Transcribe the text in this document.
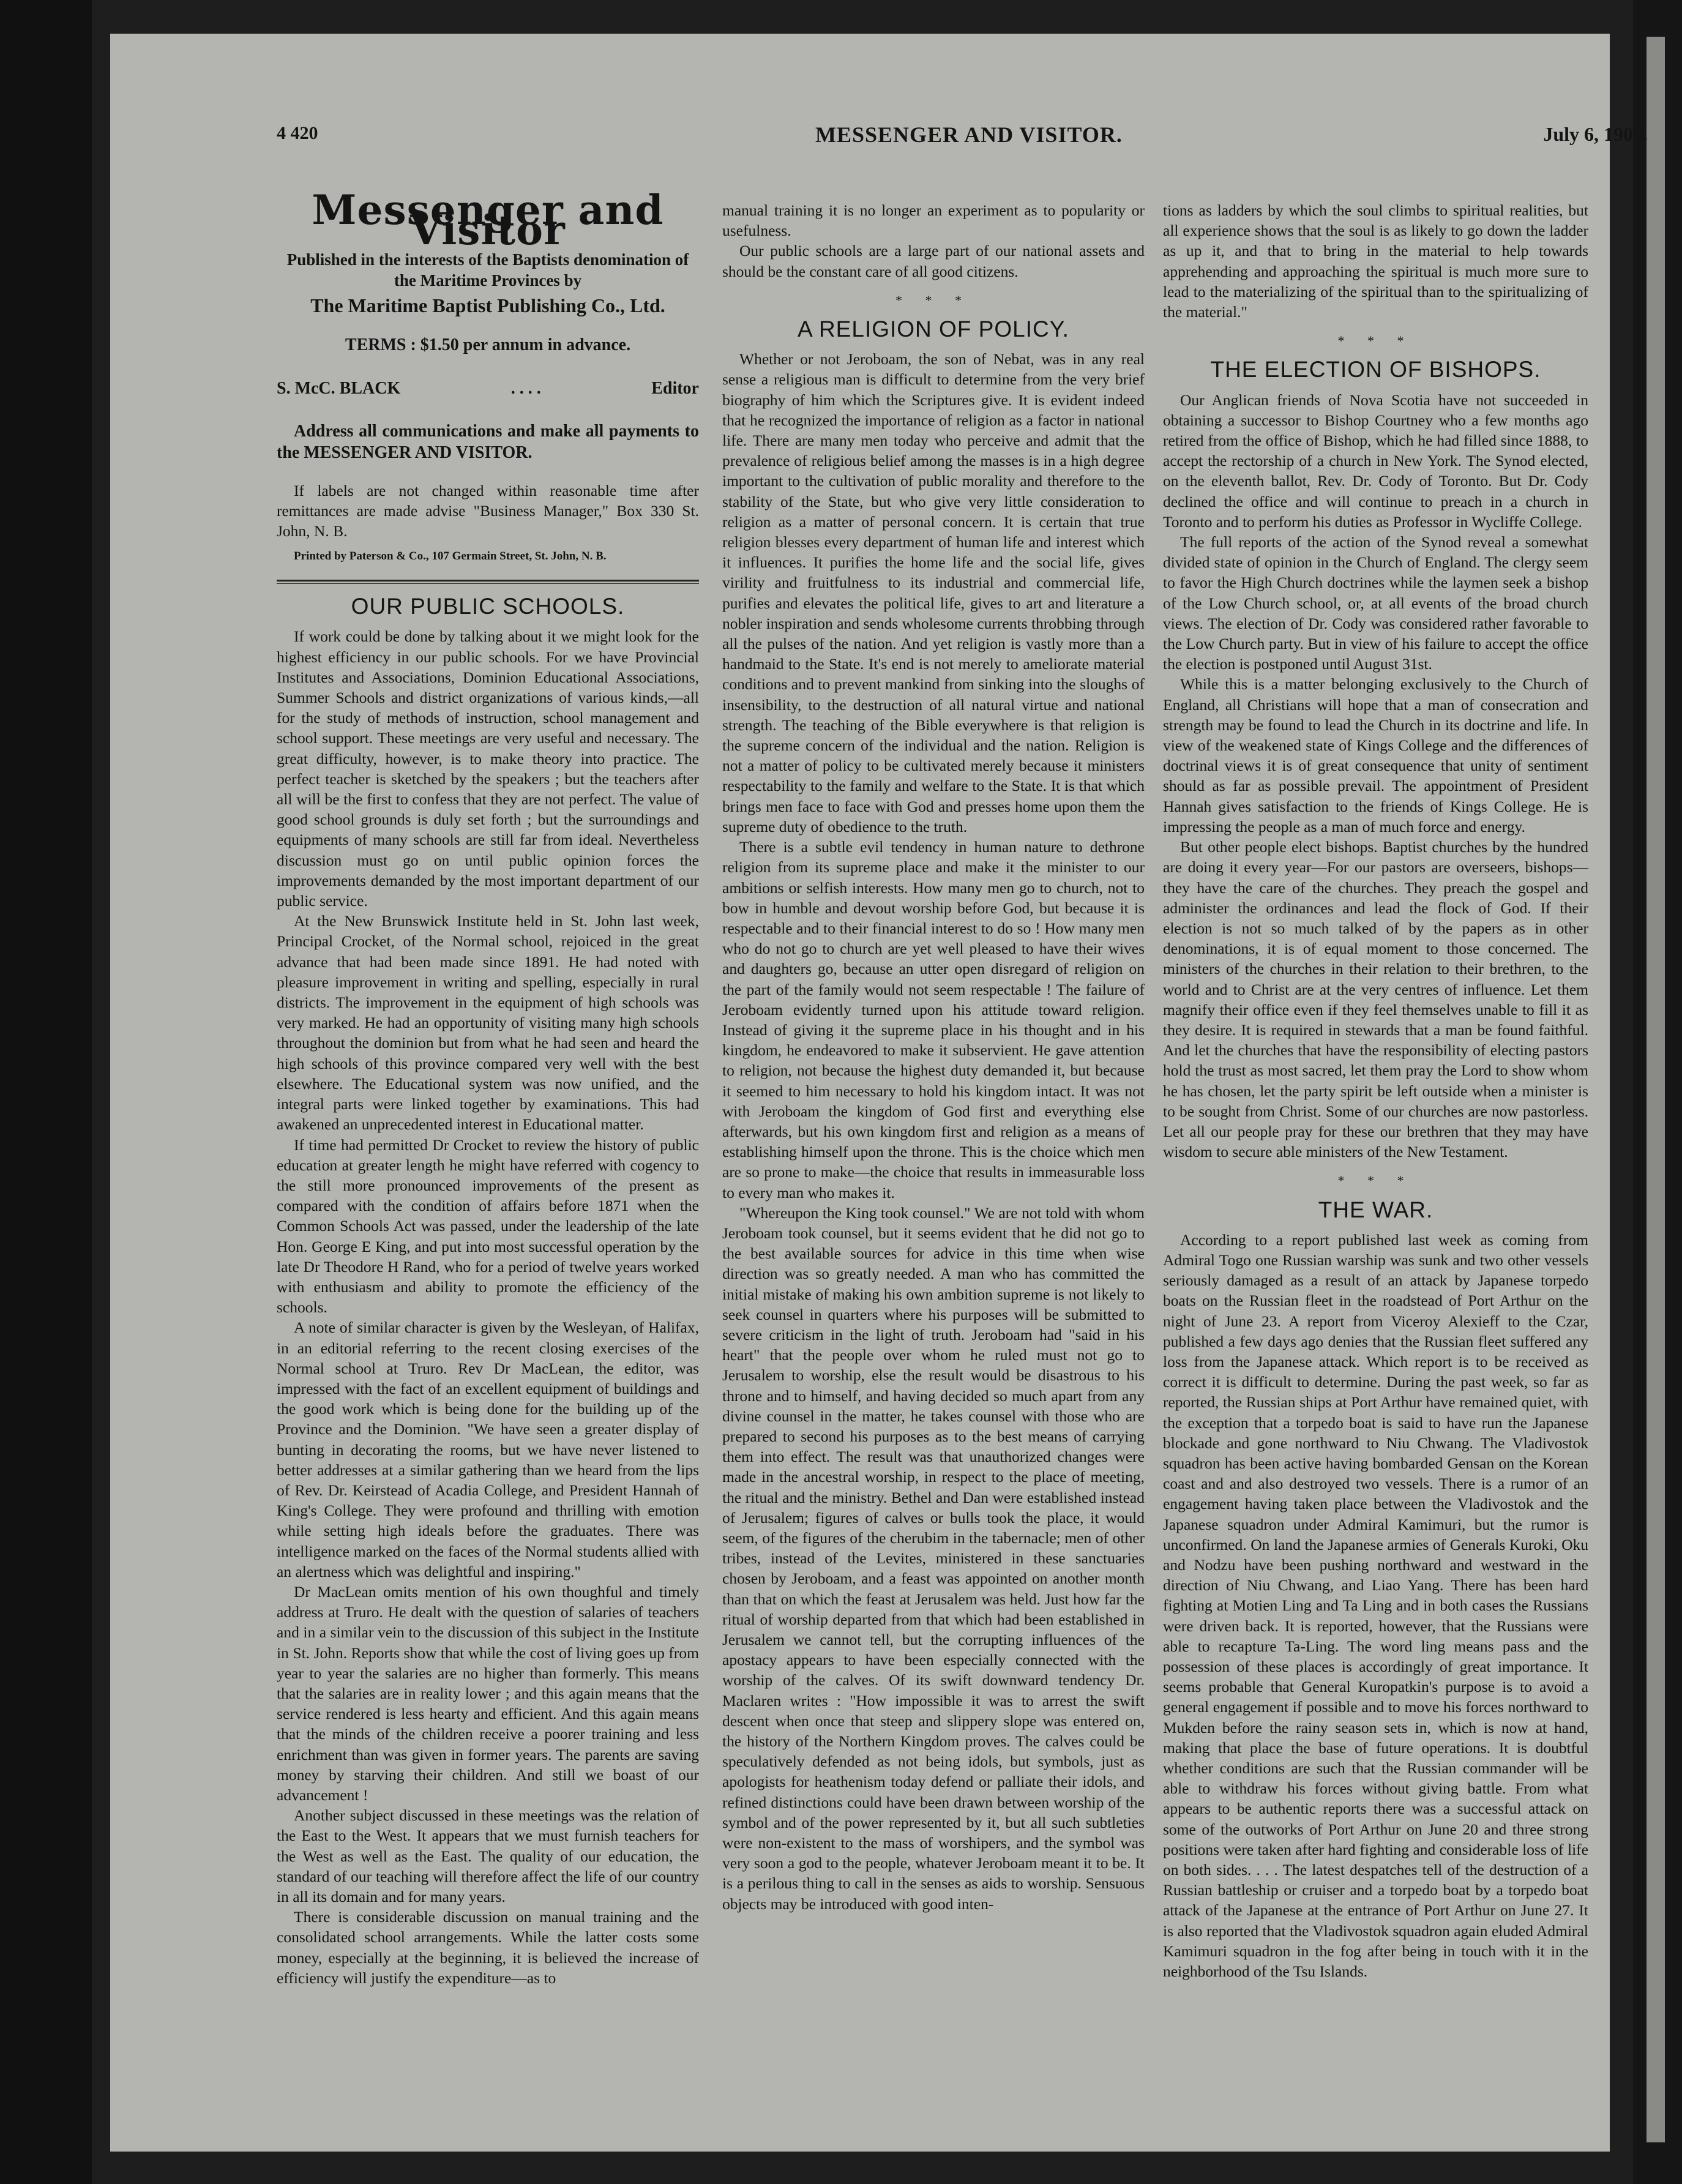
4 420	MESSENGER AND VISITOR.	July 6, 1904.
Messenger and Visitor
Published in the interests of the Baptists denomination of the Maritime Provinces by
The Maritime Baptist Publishing Co., Ltd.
TERMS : $1.50 per annum in advance.
S. McC. BLACK	. . . .	Editor
Address all communications and make all payments to the MESSENGER AND VISITOR.
If labels are not changed within reasonable time after remittances are made advise "Business Manager," Box 330 St. John, N. B.
Printed by Paterson & Co., 107 Germain Street, St. John, N. B.
OUR PUBLIC SCHOOLS.

If work could be done by talking about it we might look for the highest efficiency in our public schools. For we have Provincial Institutes and Associations, Dominion Educational Associations, Summer Schools and district organizations of various kinds,—all for the study of methods of instruction, school management and school support. These meetings are very useful and necessary. The great difficulty, however, is to make theory into practice. The perfect teacher is sketched by the speakers ; but the teachers after all will be the first to confess that they are not perfect. The value of good school grounds is duly set forth ; but the surroundings and equipments of many schools are still far from ideal. Nevertheless discussion must go on until public opinion forces the improvements demanded by the most important department of our public service.

At the New Brunswick Institute held in St. John last week, Principal Crocket, of the Normal school, rejoiced in the great advance that had been made since 1891. He had noted with pleasure improvement in writing and spelling, especially in rural districts. The improvement in the equipment of high schools was very marked. He had an opportunity of visiting many high schools throughout the dominion but from what he had seen and heard the high schools of this province compared very well with the best elsewhere. The Educational system was now unified, and the integral parts were linked together by examinations. This had awakened an unprecedented interest in Educational matter.

If time had permitted Dr Crocket to review the history of public education at greater length he might have referred with cogency to the still more pronounced improvements of the present as compared with the condition of affairs before 1871 when the Common Schools Act was passed, under the leadership of the late Hon. George E King, and put into most successful operation by the late Dr Theodore H Rand, who for a period of twelve years worked with enthusiasm and ability to promote the efficiency of the schools.

A note of similar character is given by the Wesleyan, of Halifax, in an editorial referring to the recent closing exercises of the Normal school at Truro. Rev Dr MacLean, the editor, was impressed with the fact of an excellent equipment of buildings and the good work which is being done for the building up of the Province and the Dominion. "We have seen a greater display of bunting in decorating the rooms, but we have never listened to better addresses at a similar gathering than we heard from the lips of Rev. Dr. Keirstead of Acadia College, and President Hannah of King's College. They were profound and thrilling with emotion while setting high ideals before the graduates. There was intelligence marked on the faces of the Normal students allied with an alertness which was delightful and inspiring."

Dr MacLean omits mention of his own thoughful and timely address at Truro. He dealt with the question of salaries of teachers and in a similar vein to the discussion of this subject in the Institute in St. John. Reports show that while the cost of living goes up from year to year the salaries are no higher than formerly. This means that the salaries are in reality lower ; and this again means that the service rendered is less hearty and efficient. And this again means that the minds of the children receive a poorer training and less enrichment than was given in former years. The parents are saving money by starving their children. And still we boast of our advancement !

Another subject discussed in these meetings was the relation of the East to the West. It appears that we must furnish teachers for the West as well as the East. The quality of our education, the standard of our teaching will therefore affect the life of our country in all its domain and for many years.

There is considerable discussion on manual training and the consolidated school arrangements. While the latter costs some money, especially at the beginning, it is believed the increase of efficiency will justify the expenditure—as to

manual training it is no longer an experiment as to popularity or usefulness.

Our public schools are a large part of our national assets and should be the constant care of all good citizens.

* * *
A RELIGION OF POLICY.

Whether or not Jeroboam, the son of Nebat, was in any real sense a religious man is difficult to determine from the very brief biography of him which the Scriptures give. It is evident indeed that he recognized the importance of religion as a factor in national life. There are many men today who perceive and admit that the prevalence of religious belief among the masses is in a high degree important to the cultivation of public morality and therefore to the stability of the State, but who give very little consideration to religion as a matter of personal concern. It is certain that true religion blesses every department of human life and interest which it influences. It purifies the home life and the social life, gives virility and fruitfulness to its industrial and commercial life, purifies and elevates the political life, gives to art and literature a nobler inspiration and sends wholesome currents throbbing through all the pulses of the nation. And yet religion is vastly more than a handmaid to the State. It's end is not merely to ameliorate material conditions and to prevent mankind from sinking into the sloughs of insensibility, to the destruction of all natural virtue and national strength. The teaching of the Bible everywhere is that religion is the supreme concern of the individual and the nation. Religion is not a matter of policy to be cultivated merely because it ministers respectability to the family and welfare to the State. It is that which brings men face to face with God and presses home upon them the supreme duty of obedience to the truth.

There is a subtle evil tendency in human nature to dethrone religion from its supreme place and make it the minister to our ambitions or selfish interests. How many men go to church, not to bow in humble and devout worship before God, but because it is respectable and to their financial interest to do so ! How many men who do not go to church are yet well pleased to have their wives and daughters go, because an utter open disregard of religion on the part of the family would not seem respectable ! The failure of Jeroboam evidently turned upon his attitude toward religion. Instead of giving it the supreme place in his thought and in his kingdom, he endeavored to make it subservient. He gave attention to religion, not because the highest duty demanded it, but because it seemed to him necessary to hold his kingdom intact. It was not with Jeroboam the kingdom of God first and everything else afterwards, but his own kingdom first and religion as a means of establishing himself upon the throne. This is the choice which men are so prone to make—the choice that results in immeasurable loss to every man who makes it.

"Whereupon the King took counsel." We are not told with whom Jeroboam took counsel, but it seems evident that he did not go to the best available sources for advice in this time when wise direction was so greatly needed. A man who has committed the initial mistake of making his own ambition supreme is not likely to seek counsel in quarters where his purposes will be submitted to severe criticism in the light of truth. Jeroboam had "said in his heart" that the people over whom he ruled must not go to Jerusalem to worship, else the result would be disastrous to his throne and to himself, and having decided so much apart from any divine counsel in the matter, he takes counsel with those who are prepared to second his purposes as to the best means of carrying them into effect. The result was that unauthorized changes were made in the ancestral worship, in respect to the place of meeting, the ritual and the ministry. Bethel and Dan were established instead of Jerusalem; figures of calves or bulls took the place, it would seem, of the figures of the cherubim in the tabernacle; men of other tribes, instead of the Levites, ministered in these sanctuaries chosen by Jeroboam, and a feast was appointed on another month than that on which the feast at Jerusalem was held. Just how far the ritual of worship departed from that which had been established in Jerusalem we cannot tell, but the corrupting influences of the apostacy appears to have been especially connected with the worship of the calves. Of its swift downward tendency Dr. Maclaren writes : "How impossible it was to arrest the swift descent when once that steep and slippery slope was entered on, the history of the Northern Kingdom proves. The calves could be speculatively defended as not being idols, but symbols, just as apologists for heathenism today defend or palliate their idols, and refined distinctions could have been drawn between worship of the symbol and of the power represented by it, but all such subtleties were non-existent to the mass of worshipers, and the symbol was very soon a god to the people, whatever Jeroboam meant it to be. It is a perilous thing to call in the senses as aids to worship. Sensuous objects may be introduced with good inten-

tions as ladders by which the soul climbs to spiritual realities, but all experience shows that the soul is as likely to go down the ladder as up it, and that to bring in the material to help towards apprehending and approaching the spiritual is much more sure to lead to the materializing of the spiritual than to the spiritualizing of the material."

* * *
THE ELECTION OF BISHOPS.

Our Anglican friends of Nova Scotia have not succeeded in obtaining a successor to Bishop Courtney who a few months ago retired from the office of Bishop, which he had filled since 1888, to accept the rectorship of a church in New York. The Synod elected, on the eleventh ballot, Rev. Dr. Cody of Toronto. But Dr. Cody declined the office and will continue to preach in a church in Toronto and to perform his duties as Professor in Wycliffe College.

The full reports of the action of the Synod reveal a somewhat divided state of opinion in the Church of England. The clergy seem to favor the High Church doctrines while the laymen seek a bishop of the Low Church school, or, at all events of the broad church views. The election of Dr. Cody was considered rather favorable to the Low Church party. But in view of his failure to accept the office the election is postponed until August 31st.

While this is a matter belonging exclusively to the Church of England, all Christians will hope that a man of consecration and strength may be found to lead the Church in its doctrine and life. In view of the weakened state of Kings College and the differences of doctrinal views it is of great consequence that unity of sentiment should as far as possible prevail. The appointment of President Hannah gives satisfaction to the friends of Kings College. He is impressing the people as a man of much force and energy.

But other people elect bishops. Baptist churches by the hundred are doing it every year—For our pastors are overseers, bishops—they have the care of the churches. They preach the gospel and administer the ordinances and lead the flock of God. If their election is not so much talked of by the papers as in other denominations, it is of equal moment to those concerned. The ministers of the churches in their relation to their brethren, to the world and to Christ are at the very centres of influence. Let them magnify their office even if they feel themselves unable to fill it as they desire. It is required in stewards that a man be found faithful. And let the churches that have the responsibility of electing pastors hold the trust as most sacred, let them pray the Lord to show whom he has chosen, let the party spirit be left outside when a minister is to be sought from Christ. Some of our churches are now pastorless. Let all our people pray for these our brethren that they may have wisdom to secure able ministers of the New Testament.

* * *
THE WAR.

According to a report published last week as coming from Admiral Togo one Russian warship was sunk and two other vessels seriously damaged as a result of an attack by Japanese torpedo boats on the Russian fleet in the roadstead of Port Arthur on the night of June 23. A report from Viceroy Alexieff to the Czar, published a few days ago denies that the Russian fleet suffered any loss from the Japanese attack. Which report is to be received as correct it is difficult to determine. During the past week, so far as reported, the Russian ships at Port Arthur have remained quiet, with the exception that a torpedo boat is said to have run the Japanese blockade and gone northward to Niu Chwang. The Vladivostok squadron has been active having bombarded Gensan on the Korean coast and and also destroyed two vessels. There is a rumor of an engagement having taken place between the Vladivostok and the Japanese squadron under Admiral Kamimuri, but the rumor is unconfirmed. On land the Japanese armies of Generals Kuroki, Oku and Nodzu have been pushing northward and westward in the direction of Niu Chwang, and Liao Yang. There has been hard fighting at Motien Ling and Ta Ling and in both cases the Russians were driven back. It is reported, however, that the Russians were able to recapture Ta-Ling. The word ling means pass and the possession of these places is accordingly of great importance. It seems probable that General Kuropatkin's purpose is to avoid a general engagement if possible and to move his forces northward to Mukden before the rainy season sets in, which is now at hand, making that place the base of future operations. It is doubtful whether conditions are such that the Russian commander will be able to withdraw his forces without giving battle. From what appears to be authentic reports there was a successful attack on some of the outworks of Port Arthur on June 20 and three strong positions were taken after hard fighting and considerable loss of life on both sides. . . . The latest despatches tell of the destruction of a Russian battleship or cruiser and a torpedo boat by a torpedo boat attack of the Japanese at the entrance of Port Arthur on June 27. It is also reported that the Vladivostok squadron again eluded Admiral Kamimuri squadron in the fog after being in touch with it in the neighborhood of the Tsu Islands.
